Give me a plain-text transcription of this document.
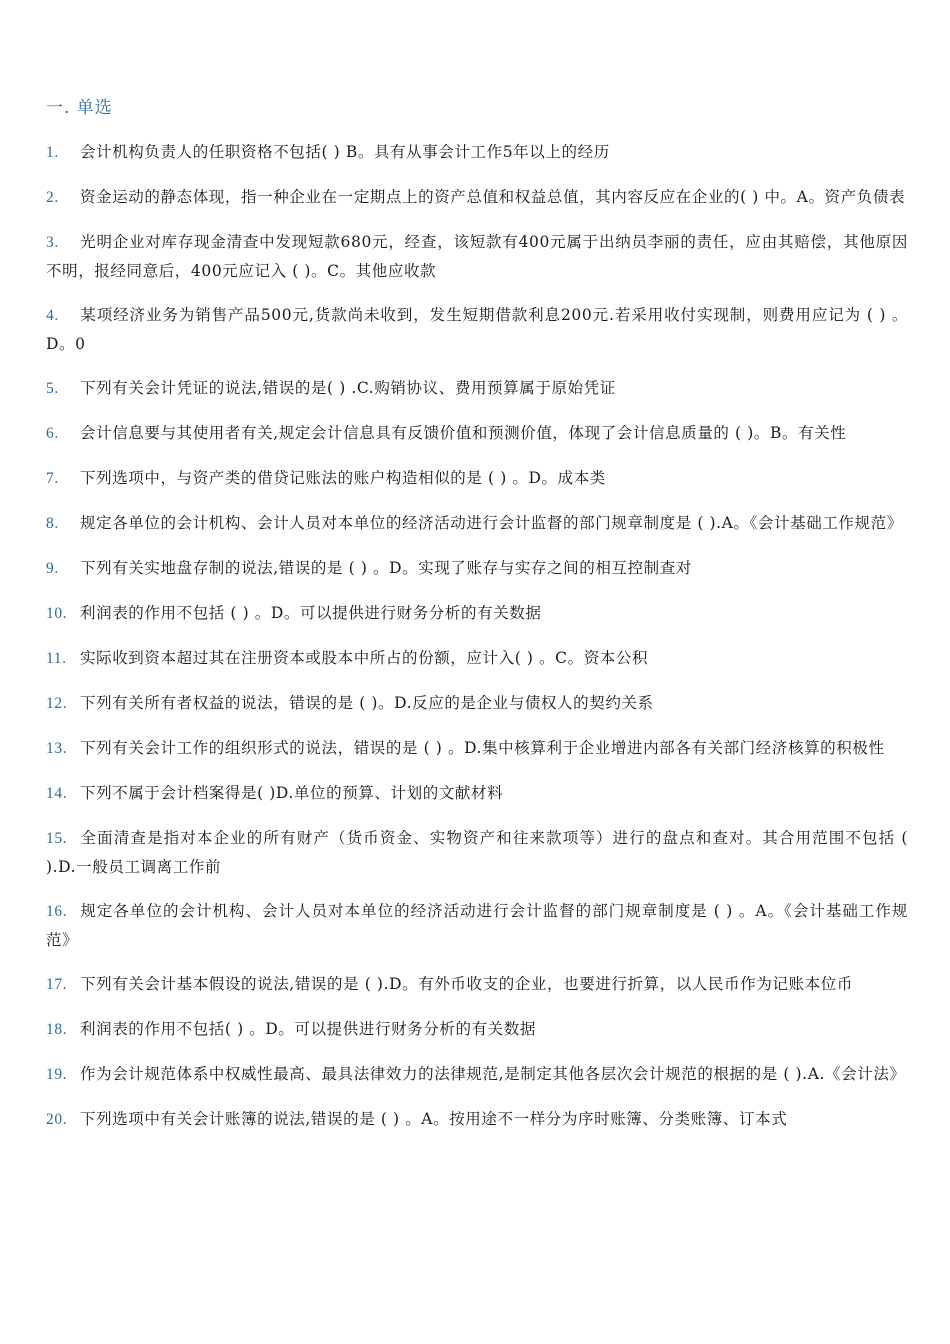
一. 单选

1. 会计机构负责人的任职资格不包括( ) B。具有从事会计工作5年以上的经历

2. 资金运动的静态体现，指一种企业在一定期点上的资产总值和权益总值，其内容反应在企业的( ) 中。A。资产负债表

3. 光明企业对库存现金清查中发现短款680元，经查，该短款有400元属于出纳员李丽的责任，应由其赔偿，其他原因不明，报经同意后，400元应记入 ( )。C。其他应收款

4. 某项经济业务为销售产品500元,货款尚未收到，发生短期借款利息200元.若采用收付实现制，则费用应记为 ( ) 。D。0

5. 下列有关会计凭证的说法,错误的是( ) .C.购销协议、费用预算属于原始凭证

6. 会计信息要与其使用者有关,规定会计信息具有反馈价值和预测价值，体现了会计信息质量的 ( )。B。有关性

7. 下列选项中，与资产类的借贷记账法的账户构造相似的是 ( ) 。D。成本类

8. 规定各单位的会计机构、会计人员对本单位的经济活动进行会计监督的部门规章制度是 ( ).A。《会计基础工作规范》

9. 下列有关实地盘存制的说法,错误的是 ( ) 。D。实现了账存与实存之间的相互控制查对

10. 利润表的作用不包括 ( ) 。D。可以提供进行财务分析的有关数据

11. 实际收到资本超过其在注册资本或股本中所占的份额，应计入( ) 。C。资本公积

12. 下列有关所有者权益的说法，错误的是 ( )。D.反应的是企业与债权人的契约关系

13. 下列有关会计工作的组织形式的说法，错误的是 ( ) 。D.集中核算利于企业增进内部各有关部门经济核算的积极性

14. 下列不属于会计档案得是( )D.单位的预算、计划的文献材料

15. 全面清查是指对本企业的所有财产（货币资金、实物资产和往来款项等）进行的盘点和查对。其合用范围不包括 ( ).D.一般员工调离工作前

16. 规定各单位的会计机构、会计人员对本单位的经济活动进行会计监督的部门规章制度是 ( ) 。A。《会计基础工作规范》

17. 下列有关会计基本假设的说法,错误的是 ( ).D。有外币收支的企业，也要进行折算，以人民币作为记账本位币

18. 利润表的作用不包括( ) 。D。可以提供进行财务分析的有关数据

19. 作为会计规范体系中权威性最高、最具法律效力的法律规范,是制定其他各层次会计规范的根据的是 ( ).A.《会计法》

20. 下列选项中有关会计账簿的说法,错误的是 ( ) 。A。按用途不一样分为序时账簿、分类账簿、订本式
